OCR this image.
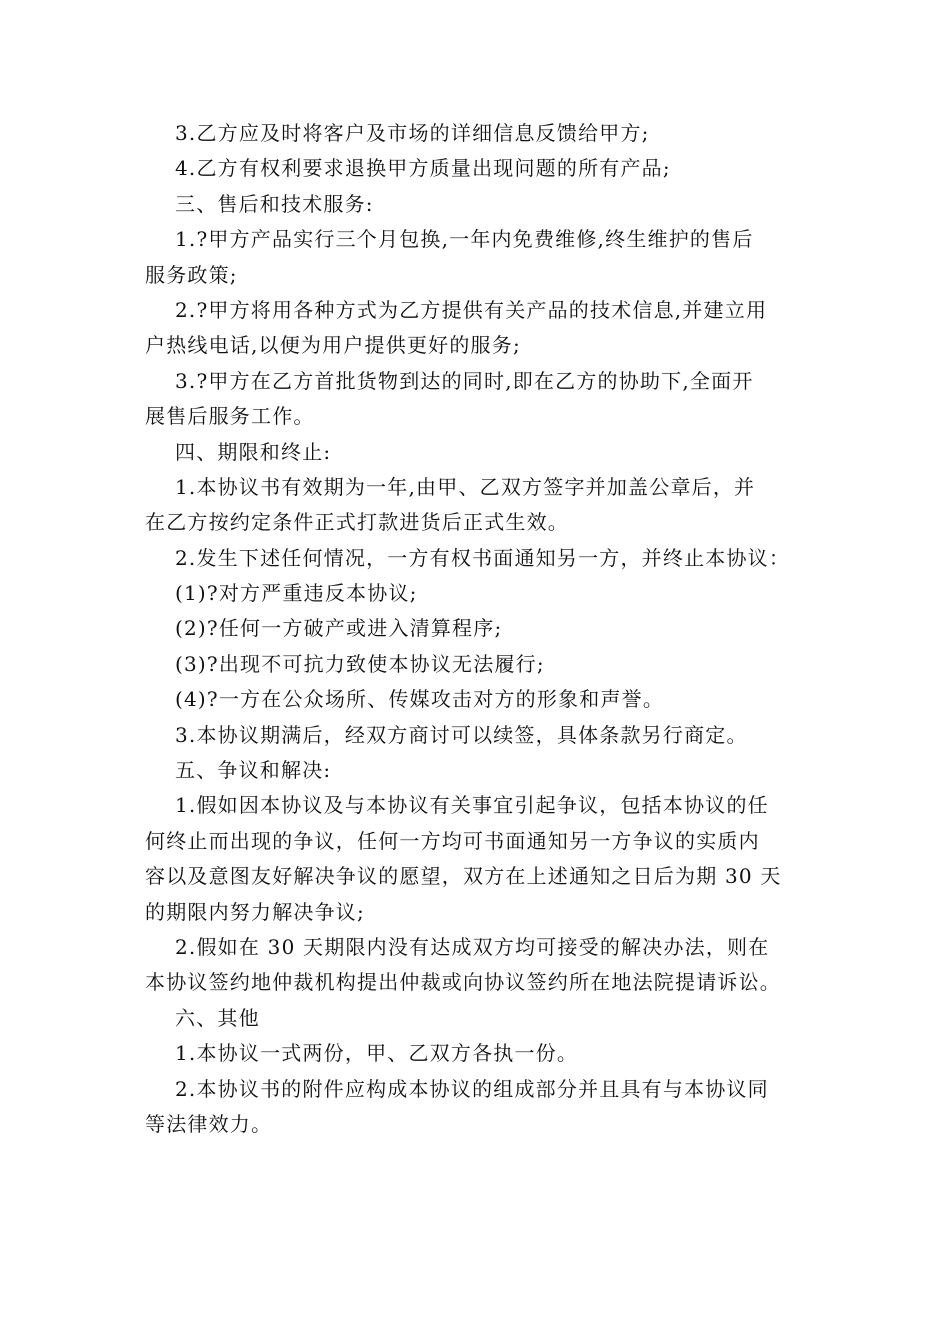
3.乙方应及时将客户及市场的详细信息反馈给甲方;
4.乙方有权利要求退换甲方质量出现问题的所有产品;
三、售后和技术服务:
1.?甲方产品实行三个月包换,一年内免费维修,终生维护的售后
服务政策;
2.?甲方将用各种方式为乙方提供有关产品的技术信息,并建立用
户热线电话,以便为用户提供更好的服务;
3.?甲方在乙方首批货物到达的同时,即在乙方的协助下,全面开
展售后服务工作。
四、期限和终止:
1.本协议书有效期为一年,由甲、乙双方签字并加盖公章后，并
在乙方按约定条件正式打款进货后正式生效。
2.发生下述任何情况，一方有权书面通知另一方，并终止本协议：
(1)?对方严重违反本协议;
(2)?任何一方破产或进入清算程序;
(3)?出现不可抗力致使本协议无法履行;
(4)?一方在公众场所、传媒攻击对方的形象和声誉。
3.本协议期满后，经双方商讨可以续签，具体条款另行商定。
五、争议和解决:
1.假如因本协议及与本协议有关事宜引起争议，包括本协议的任
何终止而出现的争议，任何一方均可书面通知另一方争议的实质内
容以及意图友好解决争议的愿望，双方在上述通知之日后为期 30 天
的期限内努力解决争议;
2.假如在 30 天期限内没有达成双方均可接受的解决办法，则在
本协议签约地仲裁机构提出仲裁或向协议签约所在地法院提请诉讼。
六、其他
1.本协议一式两份，甲、乙双方各执一份。
2.本协议书的附件应构成本协议的组成部分并且具有与本协议同
等法律效力。
